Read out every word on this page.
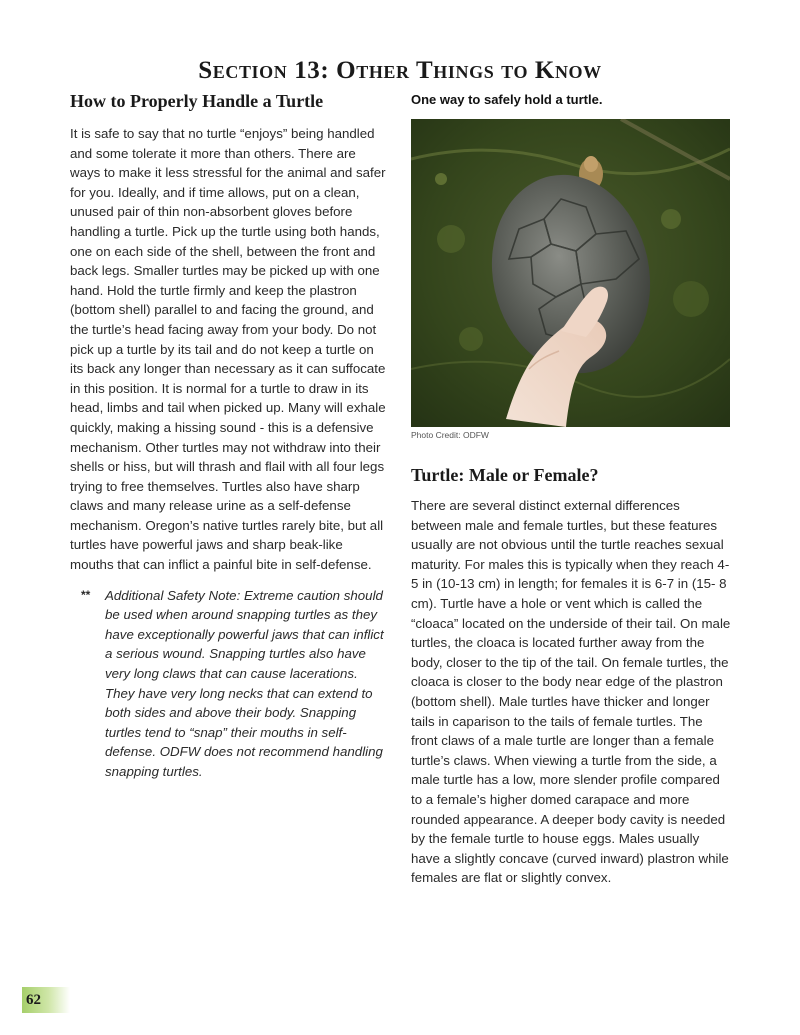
Section 13: Other Things to Know
How to Properly Handle a Turtle

It is safe to say that no turtle “enjoys” being handled and some tolerate it more than others. There are ways to make it less stressful for the animal and safer for you. Ideally, and if time allows, put on a clean, unused pair of thin non-absorbent gloves before handling a turtle. Pick up the turtle using both hands, one on each side of the shell, between the front and back legs. Smaller turtles may be picked up with one hand. Hold the turtle firmly and keep the plastron (bottom shell) parallel to and facing the ground, and the turtle’s head facing away from your body. Do not pick up a turtle by its tail and do not keep a turtle on its back any longer than necessary as it can suffocate in this position. It is normal for a turtle to draw in its head, limbs and tail when picked up. Many will exhale quickly, making a hissing sound - this is a defensive mechanism. Other turtles may not withdraw into their shells or hiss, but will thrash and flail with all four legs trying to free themselves. Turtles also have sharp claws and many release urine as a self-defense mechanism. Oregon’s native turtles rarely bite, but all turtles have powerful jaws and sharp beak-like mouths that can inflict a painful bite in self-defense.

** Additional Safety Note: Extreme caution should be used when around snapping turtles as they have exceptionally powerful jaws that can inflict a serious wound. Snapping turtles also have very long claws that can cause lacerations. They have very long necks that can extend to both sides and above their body. Snapping turtles tend to “snap” their mouths in self-defense. ODFW does not recommend handling snapping turtles.

One way to safely hold a turtle.

Photo Credit: ODFW
Turtle: Male or Female?

There are several distinct external differences between male and female turtles, but these features usually are not obvious until the turtle reaches sexual maturity. For males this is typically when they reach 4-5 in (10-13 cm) in length; for females it is 6-7 in (15- 8 cm). Turtle have a hole or vent which is called the “cloaca” located on the underside of their tail. On male turtles, the cloaca is located further away from the body, closer to the tip of the tail. On female turtles, the cloaca is closer to the body near edge of the plastron (bottom shell). Male turtles have thicker and longer tails in caparison to the tails of female turtles. The front claws of a male turtle are longer than a female turtle’s claws. When viewing a turtle from the side, a male turtle has a low, more slender profile compared to a female’s higher domed carapace and more rounded appearance. A deeper body cavity is needed by the female turtle to house eggs. Males usually have a slightly concave (curved inward) plastron while females are flat or slightly convex.

62
